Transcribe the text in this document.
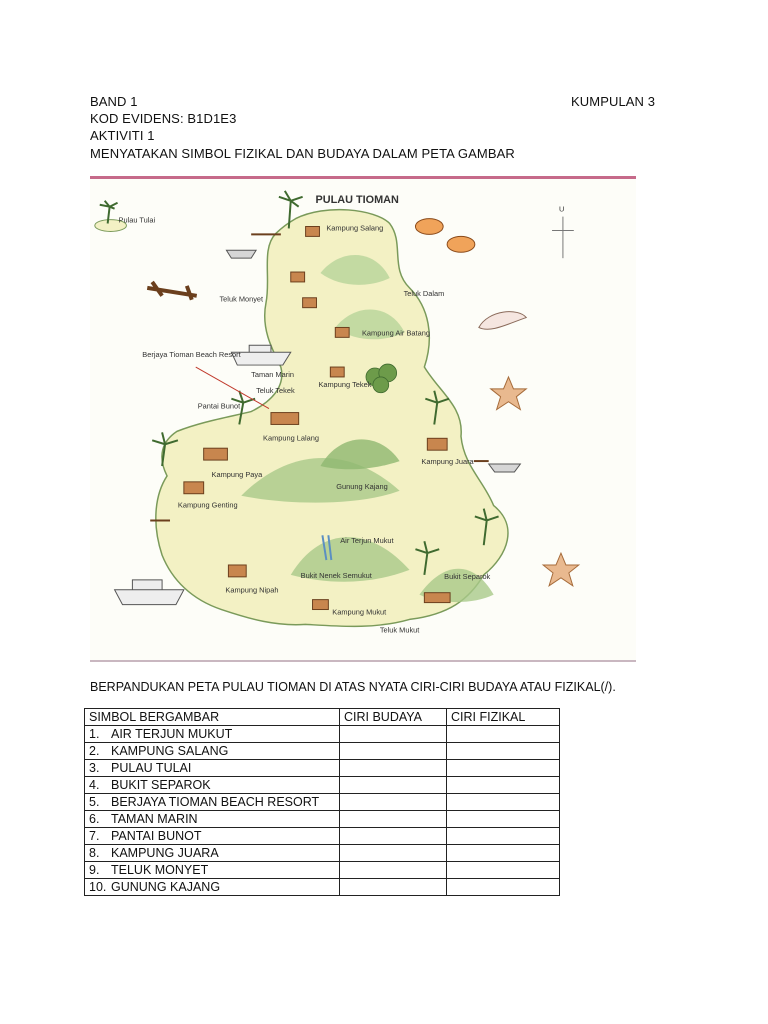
BAND 1	KUMPULAN 3
KOD EVIDENS: B1D1E3
AKTIVITI 1
MENYATAKAN SIMBOL FIZIKAL DAN BUDAYA DALAM PETA GAMBAR
U
PULAU TIOMAN
Pulau Tulai
Kampung Salang
Teluk Monyet
Teluk Dalam
Kampung Air Batang
Berjaya Tioman Beach Resort
Taman Marin
Teluk Tekek
Kampung Tekek
Pantai Bunot
Kampung Lalang
Kampung Paya
Kampung Juara
Gunung Kajang
Kampung Genting
Air Terjun Mukut
Bukit Nenek Semukut	Bukit Separok
Kampung Nipah
Kampung Mukut
Teluk Mukut
BERPANDUKAN PETA PULAU TIOMAN DI ATAS NYATA CIRI-CIRI BUDAYA ATAU FIZIKAL(/).
SIMBOL BERGAMBAR	CIRI BUDAYA	CIRI FIZIKAL
1. AIR TERJUN MUKUT		
2. KAMPUNG SALANG		
3. PULAU TULAI		
4. BUKIT SEPAROK		
5. BERJAYA TIOMAN BEACH RESORT		
6. TAMAN MARIN		
7. PANTAI BUNOT		
8. KAMPUNG JUARA		
9. TELUK MONYET		
10. GUNUNG KAJANG		
